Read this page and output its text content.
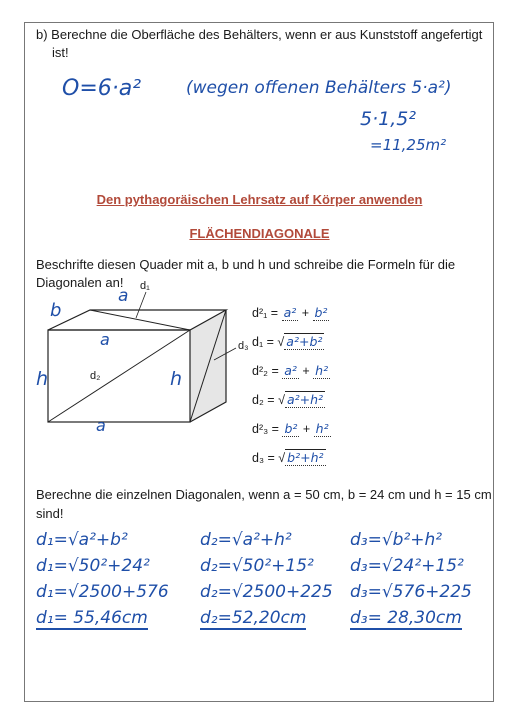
b) Berechne die Oberfläche des Behälters, wenn er aus Kunststoff angefertigt
ist!
O=6·a²	(wegen offenen Behälters 5·a²)
5·1,5²
=11,25m²
Den pythagoräischen Lehrsatz auf Körper anwenden
FLÄCHENDIAGONALE
Beschrifte diesen Quader mit a, b und h und schreibe die Formeln für die
Diagonalen an! d₁
d₂
d₃
b
a
a
h	h
a
d²₁ = a² + b²
d₁ = √ a²+b²
d²₂ = a² + h²
d₂ = √ a²+h²
d²₃ = b² + h²
d₃ = √ b²+h²
Berechne die einzelnen Diagonalen, wenn a = 50 cm, b = 24 cm und h = 15 cm
sind!
d₁=√a²+b²
d₁=√50²+24²
d₁=√2500+576
d₁= 55,46cm
d₂=√a²+h²
d₂=√50²+15²
d₂=√2500+225
d₂=52,20cm
d₃=√b²+h²
d₃=√24²+15²
d₃=√576+225
d₃= 28,30cm
